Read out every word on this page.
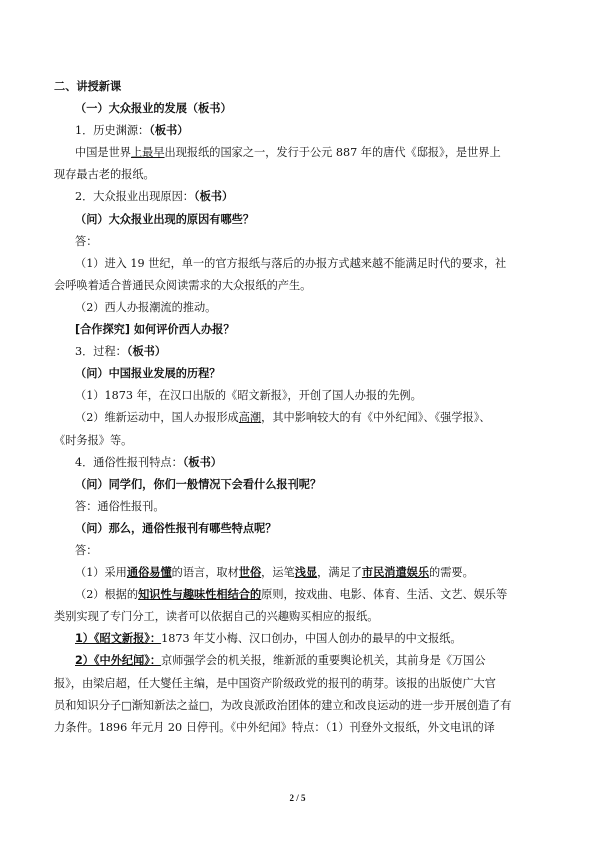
二、讲授新课
（一）大众报业的发展（板书）
1．历史渊源：（板书）
中国是世界上最早出现报纸的国家之一，发行于公元 887 年的唐代《邸报》，是世界上
现存最古老的报纸。
2．大众报业出现原因：（板书）
（问）大众报业出现的原因有哪些？
答：
（1）进入 19 世纪，单一的官方报纸与落后的办报方式越来越不能满足时代的要求，社
会呼唤着适合普通民众阅读需求的大众报纸的产生。
（2）西人办报潮流的推动。
[合作探究] 如何评价西人办报？
3．过程：（板书）
（问）中国报业发展的历程？
（1）1873 年，在汉口出版的《昭文新报》，开创了国人办报的先例。
（2）维新运动中，国人办报形成高潮，其中影响较大的有《中外纪闻》、《强学报》、
《时务报》等。
4．通俗性报刊特点：（板书）
（问）同学们，你们一般情况下会看什么报刊呢？
答：通俗性报刊。
（问）那么，通俗性报刊有哪些特点呢？
答：
（1）采用通俗易懂的语言，取材世俗，运笔浅显，满足了市民消遣娱乐的需要。
（2）根据的知识性与趣味性相结合的原则，按戏曲、电影、体育、生活、文艺、娱乐等
类别实现了专门分工，读者可以依据自己的兴趣购买相应的报纸。
1）《昭文新报》：1873 年艾小梅、汉口创办，中国人创办的最早的中文报纸。
2）《中外纪闻》：京师强学会的机关报，维新派的重要舆论机关，其前身是《万国公
报》，由梁启超，任大燮任主编，是中国资产阶级政党的报刊的萌芽。该报的出版使广大官
员和知识分子□渐知新法之益□，为改良派政治团体的建立和改良运动的进一步开展创造了有
力条件。1896 年元月 20 日停刊。《中外纪闻》特点：（1）刊登外文报纸，外文电讯的译
2 / 5
